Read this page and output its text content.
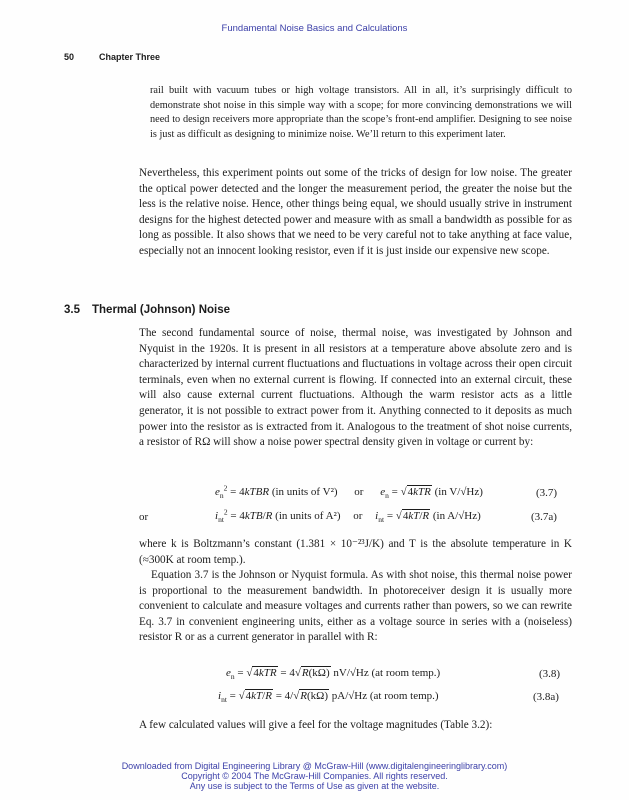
Fundamental Noise Basics and Calculations
50	Chapter Three
rail built with vacuum tubes or high voltage transistors. All in all, it’s surprisingly difficult to demonstrate shot noise in this simple way with a scope; for more convincing demonstrations we will need to design receivers more appropriate than the scope’s front-end amplifier. Designing to see noise is just as difficult as designing to minimize noise. We’ll return to this experiment later.
Nevertheless, this experiment points out some of the tricks of design for low noise. The greater the optical power detected and the longer the measurement period, the greater the noise but the less is the relative noise. Hence, other things being equal, we should usually strive in instrument designs for the highest detected power and measure with as small a bandwidth as possible for as long as possible. It also shows that we need to be very careful not to take anything at face value, especially not an innocent looking resistor, even if it is just inside our expensive new scope.
3.5 Thermal (Johnson) Noise
The second fundamental source of noise, thermal noise, was investigated by Johnson and Nyquist in the 1920s. It is present in all resistors at a temperature above absolute zero and is characterized by internal current fluctuations and fluctuations in voltage across their open circuit terminals, even when no external current is flowing. If connected into an external circuit, these will also cause external current fluctuations. Although the warm resistor acts as a little generator, it is not possible to extract power from it. Anything connected to it deposits as much power into the resistor as is extracted from it. Analogous to the treatment of shot noise currents, a resistor of RΩ will show a noise power spectral density given in voltage or current by:
$e_n^2$ = 4kTBR (in units of V²) or $e_n = √4kTR$ (in V/√Hz)	(3.7)
or	$i_{nt}^2 = 4kTB/R$ (in units of A²) or $i_{nt} = √4kT/R$ (in A/√Hz)	(3.7a)
where k is Boltzmann’s constant (1.381 × 10⁻²³J/K) and T is the absolute temperature in K (≈300K at room temp.).
Equation 3.7 is the Johnson or Nyquist formula. As with shot noise, this thermal noise power is proportional to the measurement bandwidth. In photoreceiver design it is usually more convenient to calculate and measure voltages and currents rather than powers, so we can rewrite Eq. 3.7 in convenient engineering units, either as a voltage source in series with a (noiseless) resistor R or as a current generator in parallel with R:
$e_n = √4kTR = 4√R(k\Omega)$ nV/√Hz (at room temp.)	(3.8)
$i_{nt} = √4kT/R = 4/√R(k\Omega)$ pA/√Hz (at room temp.)	(3.8a)
A few calculated values will give a feel for the voltage magnitudes (Table 3.2):
Downloaded from Digital Engineering Library @ McGraw-Hill (www.digitalengineeringlibrary.com)
Copyright © 2004 The McGraw-Hill Companies. All rights reserved.
Any use is subject to the Terms of Use as given at the website.
